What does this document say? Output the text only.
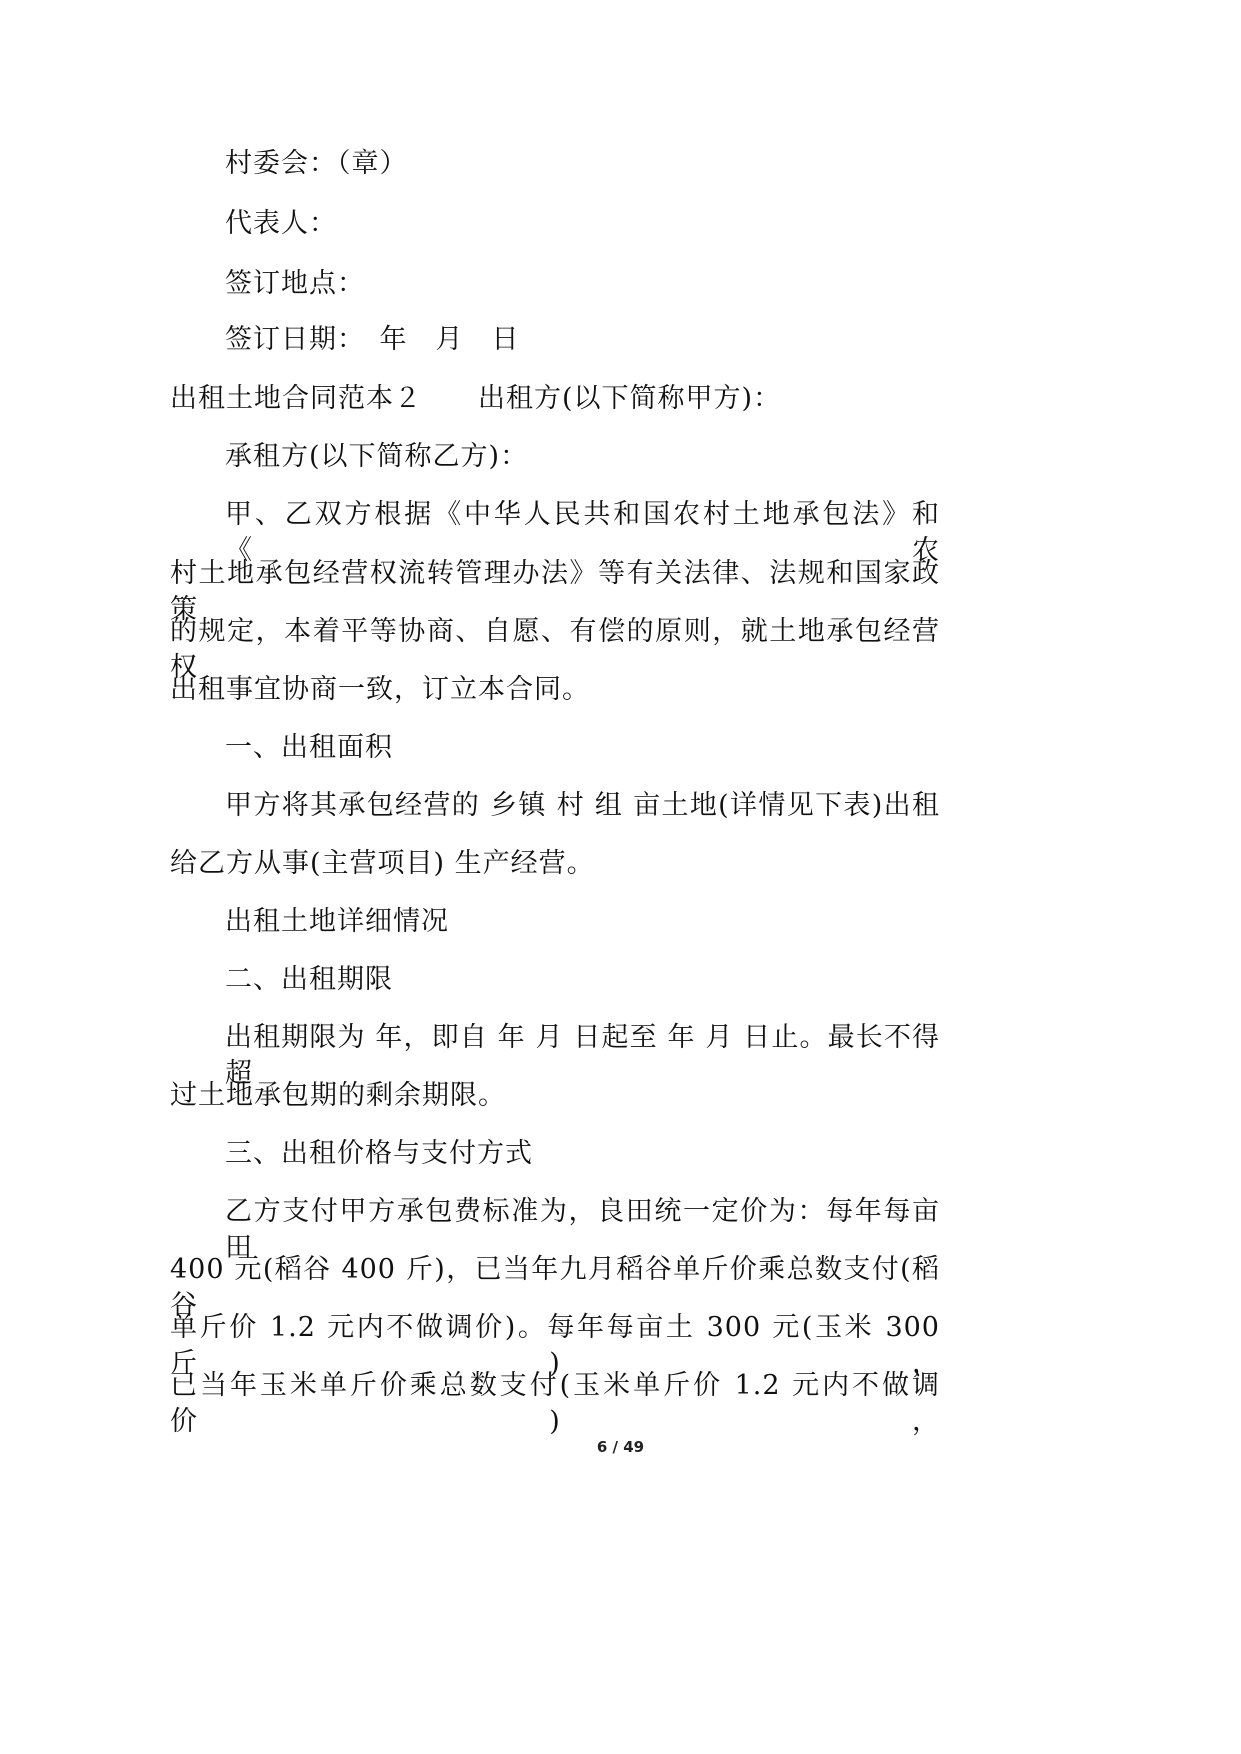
村委会：（章）
代表人：
签订地点：
签订日期：　年　月　日
出租土地合同范本２　　出租方(以下简称甲方)：
承租方(以下简称乙方)：
甲、乙双方根据《中华人民共和国农村土地承包法》和《农
村土地承包经营权流转管理办法》等有关法律、法规和国家政策
的规定，本着平等协商、自愿、有偿的原则，就土地承包经营权
出租事宜协商一致，订立本合同。
一、出租面积
甲方将其承包经营的 乡镇 村 组 亩土地(详情见下表)出租
给乙方从事(主营项目) 生产经营。
出租土地详细情况
二、出租期限
出租期限为 年，即自 年 月 日起至 年 月 日止。最长不得超
过土地承包期的剩余期限。
三、出租价格与支付方式
乙方支付甲方承包费标准为，良田统一定价为：每年每亩田
400 元(稻谷 400 斤)，已当年九月稻谷单斤价乘总数支付(稻谷
单斤价 1.2 元内不做调价)。每年每亩土 300 元(玉米 300 斤)，
已当年玉米单斤价乘总数支付(玉米单斤价 1.2 元内不做调价)，
6 / 49
